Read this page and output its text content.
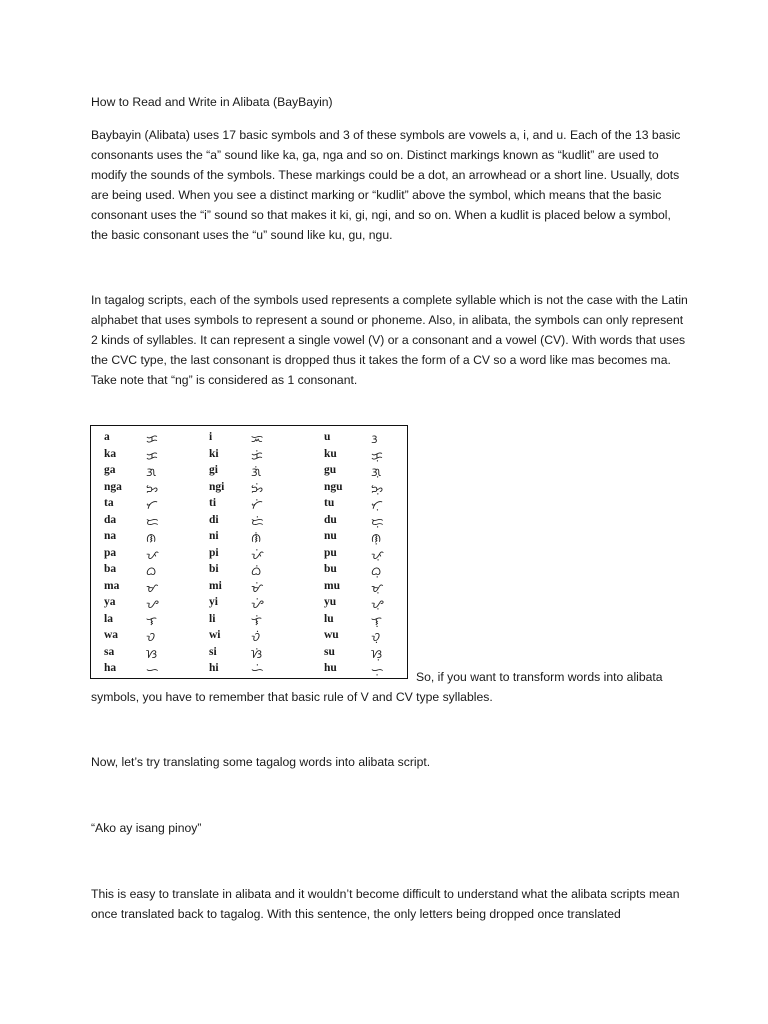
How to Read and Write in Alibata (BayBayin)

Baybayin (Alibata) uses 17 basic symbols and 3 of these symbols are vowels a, i, and u. Each of the 13 basic consonants uses the “a” sound like ka, ga, nga and so on. Distinct markings known as “kudlit” are used to modify the sounds of the symbols. These markings could be a dot, an arrowhead or a short line. Usually, dots are being used. When you see a distinct marking or “kudlit” above the symbol, which means that the basic consonant uses the “i” sound so that makes it ki, gi, ngi, and so on. When a kudlit is placed below a symbol, the basic consonant uses the “u” sound like ku, gu, ngu.

In tagalog scripts, each of the symbols used represents a complete syllable which is not the case with the Latin alphabet that uses symbols to represent a sound or phoneme. Also, in alibata, the symbols can only represent 2 kinds of syllables. It can represent a single vowel (V) or a consonant and a vowel (CV). With words that uses the CVC type, the last consonant is dropped thus it takes the form of a CV so a word like mas becomes ma. Take note that “ng” is considered as 1 consonant.

a	ᜃ	i	ᜁ	u	ᜂ
ka ᜃ	ki	ᜃᜒ	ku	ᜃᜓ
ga	ᜄ	gi	ᜄᜒ	gu	ᜄᜓ
nga ᜅ	ngi ᜅᜒ	ngu ᜅᜓ
ta	ᜆ	ti	ᜆᜒ	tu	ᜆᜓ
da ᜇ	di	ᜇᜒ	du	ᜇᜓ
na ᜈ	ni	ᜈᜒ	nu	ᜈᜓ
pa ᜉ	pi	ᜉᜒ	pu	ᜉᜓ
ba ᜊ	bi	ᜊᜒ	bu	ᜊᜓ
ma ᜋ	mi ᜋᜒ	mu	ᜋᜓ
ya	ᜌ	yi	ᜌᜒ	yu	ᜌᜓ
la	ᜎ	li	ᜎᜒ	lu	ᜎᜓ
wa ᜏ	wi	ᜏᜒ	wu	ᜏᜓ
sa	ᜐ	si	ᜐᜒ	su	ᜐᜓ
ha ᜑ	hi	ᜑᜒ	hu	ᜑᜓ	So, if you want to transform words into alibata symbols, you have to remember that basic rule of V and CV type syllables.

Now, let’s try translating some tagalog words into alibata script.

“Ako ay isang pinoy”

This is easy to translate in alibata and it wouldn’t become difficult to understand what the alibata scripts mean once translated back to tagalog. With this sentence, the only letters being dropped once translated
